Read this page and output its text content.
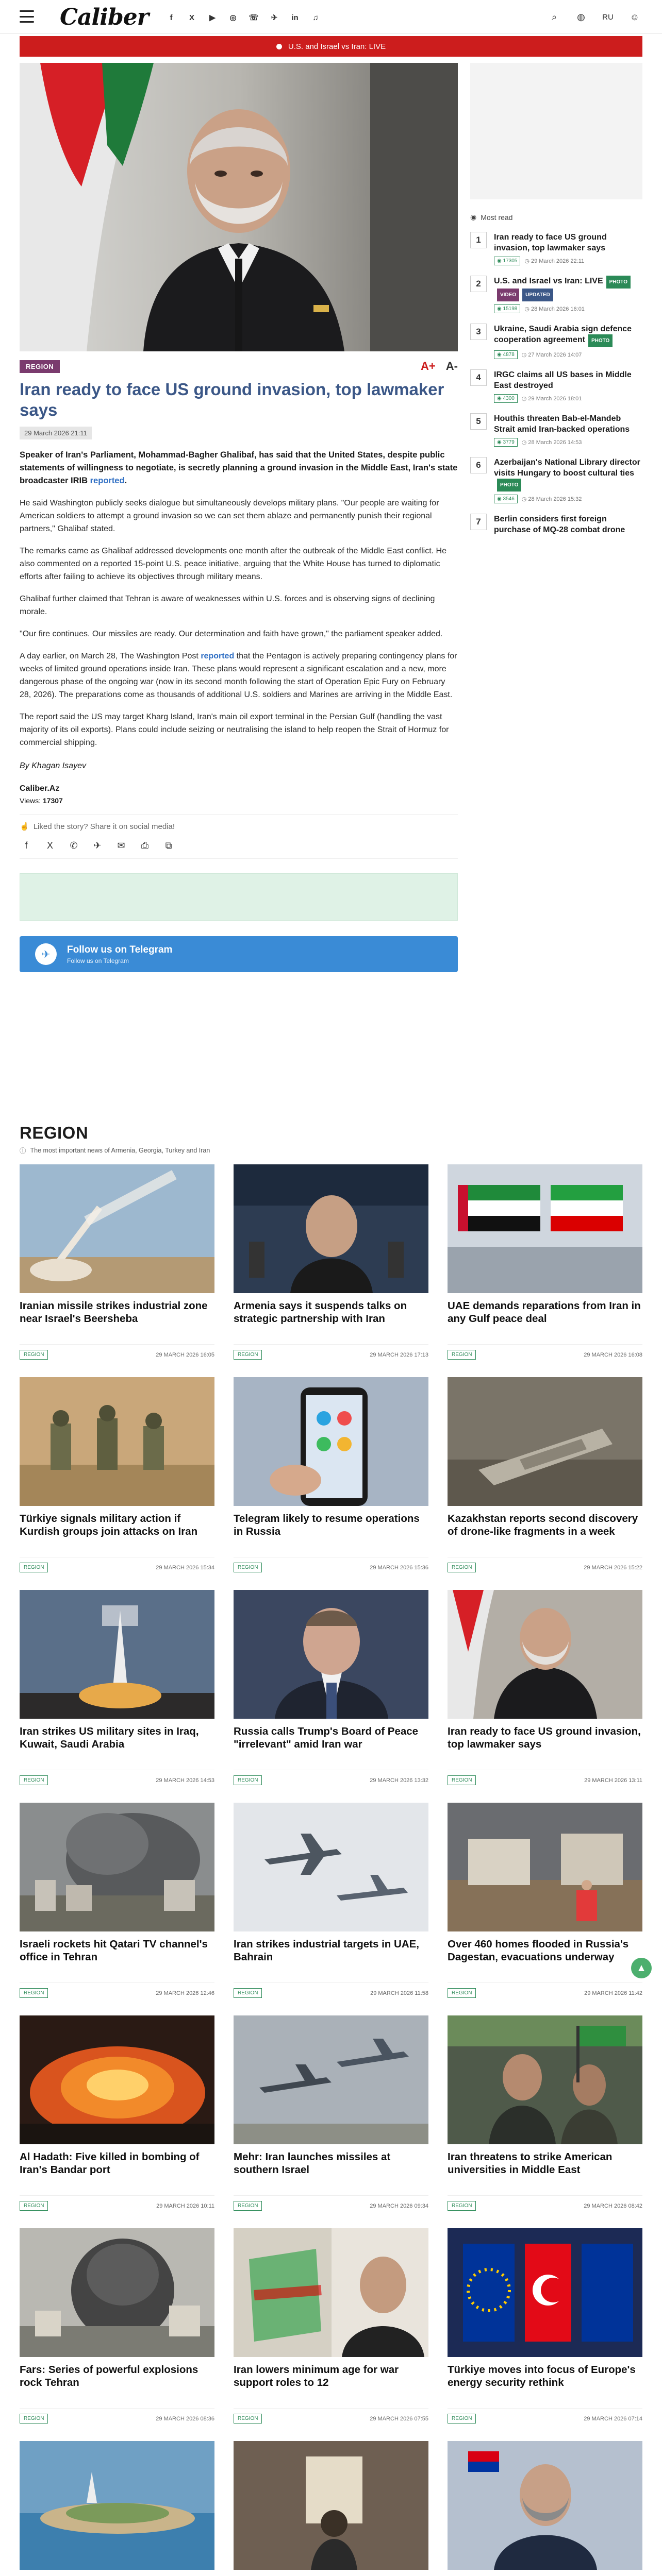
Caliber	f	X	▶	◎	☏	✈	in	♫	⌕	◍	RU	☺
U.S. and Israel vs Iran: LIVE
REGION	A+ A-
Iran ready to face US ground invasion, top lawmaker says
29 March 2026 21:11

Speaker of Iran's Parliament, Mohammad-Bagher Ghalibaf, has said that the United States, despite public statements of willingness to negotiate, is secretly planning a ground invasion in the Middle East, Iran's state broadcaster IRIB reported.

He said Washington publicly seeks dialogue but simultaneously develops military plans. "Our people are waiting for American soldiers to attempt a ground invasion so we can set them ablaze and permanently punish their regional partners," Ghalibaf stated.

The remarks came as Ghalibaf addressed developments one month after the outbreak of the Middle East conflict. He also commented on a reported 15-point U.S. peace initiative, arguing that the White House has turned to diplomatic efforts after failing to achieve its objectives through military means.

Ghalibaf further claimed that Tehran is aware of weaknesses within U.S. forces and is observing signs of declining morale.

"Our fire continues. Our missiles are ready. Our determination and faith have grown," the parliament speaker added.

A day earlier, on March 28, The Washington Post reported that the Pentagon is actively preparing contingency plans for weeks of limited ground operations inside Iran. These plans would represent a significant escalation and a new, more dangerous phase of the ongoing war (now in its second month following the start of Operation Epic Fury on February 28, 2026). The preparations come as thousands of additional U.S. soldiers and Marines are arriving in the Middle East.

The report said the US may target Kharg Island, Iran's main oil export terminal in the Persian Gulf (handling the vast majority of its oil exports). Plans could include seizing or neutralising the island to help reopen the Strait of Hormuz for commercial shipping.

By Khagan Isayev

Caliber.Az

Views: 17307

☝ Liked the story? Share it on social media!
f	X	✆	✈	✉	⎙	⧉
✈	Follow us on Telegram
Follow us on Telegram
◉ Most read
1	Iran ready to face US ground invasion, top lawmaker says
◉ 17305	◷ 29 March 2026 22:11
2	U.S. and Israel vs Iran: LIVE PHOTOVIDEO UPDATED
◉ 15198	◷ 28 March 2026 16:01
3	Ukraine, Saudi Arabia sign defence cooperation agreement PHOTO
◉ 4878	◷ 27 March 2026 14:07
4	IRGC claims all US bases in Middle East destroyed
◉ 4300	◷ 29 March 2026 18:01
5	Houthis threaten Bab-el-Mandeb Strait amid Iran-backed operations
◉ 3779	◷ 28 March 2026 14:53
6	Azerbaijan's National Library director visits Hungary to boost cultural tiesPHOTO
◉ 3546	◷ 28 March 2026 15:32
7	Berlin considers first foreign purchase of MQ-28 combat drone
REGION
ⓘ The most important news of Armenia, Georgia, Turkey and Iran
Iranian missile strikes industrial zone near Israel's Beersheba
REGION	29 MARCH 2026 16:05
Armenia says it suspends talks on strategic partnership with Iran
REGION	29 MARCH 2026 17:13
UAE demands reparations from Iran in any Gulf peace deal
REGION	29 MARCH 2026 16:08
Türkiye signals military action if Kurdish groups join attacks on Iran
REGION	29 MARCH 2026 15:34
Telegram likely to resume operations in Russia
REGION	29 MARCH 2026 15:36
Kazakhstan reports second discovery of drone-like fragments in a week
REGION	29 MARCH 2026 15:22
Iran strikes US military sites in Iraq, Kuwait, Saudi Arabia
REGION	29 MARCH 2026 14:53
Russia calls Trump's Board of Peace "irrelevant" amid Iran war
REGION	29 MARCH 2026 13:32
Iran ready to face US ground invasion, top lawmaker says
REGION	29 MARCH 2026 13:11
Israeli rockets hit Qatari TV channel's office in Tehran
REGION	29 MARCH 2026 12:46
Iran strikes industrial targets in UAE, Bahrain
REGION	29 MARCH 2026 11:58
Over 460 homes flooded in Russia's Dagestan, evacuations underway
REGION	29 MARCH 2026 11:42
Al Hadath: Five killed in bombing of Iran's Bandar port
REGION	29 MARCH 2026 10:11
Mehr: Iran launches missiles at southern Israel
REGION	29 MARCH 2026 09:34
Iran threatens to strike American universities in Middle East
REGION	29 MARCH 2026 08:42
Fars: Series of powerful explosions rock Tehran
REGION	29 MARCH 2026 08:36
Iran lowers minimum age for war support roles to 12
REGION	29 MARCH 2026 07:55
Türkiye moves into focus of Europe's energy security rethink
REGION	29 MARCH 2026 07:14
▲
